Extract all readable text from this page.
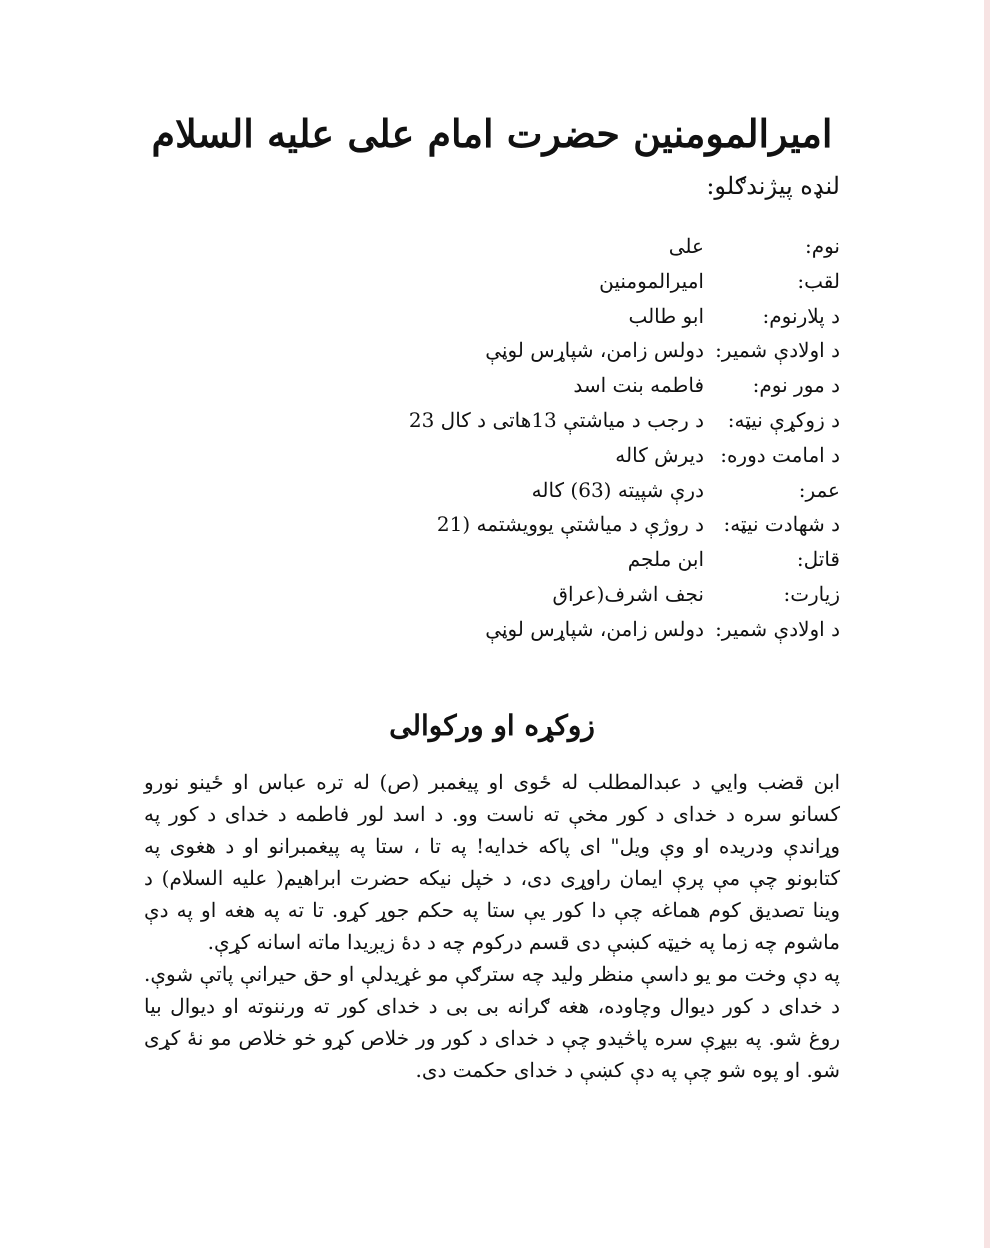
اميرالمومنين حضرت امام علی عليه السلام
لنډه پيژندګلو:
نوم:
علی
لقب:
اميرالمومنين
د پلارنوم:
ابو طالب
د اولادې شمير:
دولس زامن، شپاړس لوڼې
د مور نوم:
فاطمه بنت اسد
د زوکړې نيټه:
د رجب د مياشتې 13هاتی د کال 23
د امامت دوره:
ديرش کاله
عمر:
درې شپيته (63) کاله
د شهادت نيټه:
د روژې د مياشتې يوويشتمه (21
قاتل:
ابن ملجم
زيارت:
نجف اشرف(عراق
د اولادې شمير:
دولس زامن، شپاړس لوڼې
زوکړه او ورکوالی

ابن قضب وايي د عبدالمطلب له ځوی او پيغمبر (ص) له تره عباس او ځينو نورو کسانو سره د خدای د کور مخې ته ناست وو. د اسد لور فاطمه د خدای د کور په وړاندې ودريده او وې ويل" ای پاکه خدايه! په تا ، ستا په پيغمبرانو او د هغوی په کتابونو چې مې پرې ايمان راوړی دی، د خپل نيکه حضرت ابراهيم( عليه السلام) د وينا تصديق کوم هماغه چې دا کور يې ستا په حکم جوړ کړو. تا ته په هغه او په دې ماشوم چه زما په خيټه کښې دی قسم درکوم چه د دهٔ زيږيدا ماته اسانه کړې.

په دې وخت مو يو داسې منظر وليد چه سترګې مو غړيدلې او حق حيرانې پاتې شوې. د خدای د کور ديوال وچاوده، هغه ګرانه بی بی د خدای کور ته ورننوته او ديوال بيا روغ شو. په بيړې سره پاڅيدو چې د خدای د کور ور خلاص کړو خو خلاص مو نهٔ کړی شو. او پوه شو چې په دې کښې د خدای حکمت دی.
